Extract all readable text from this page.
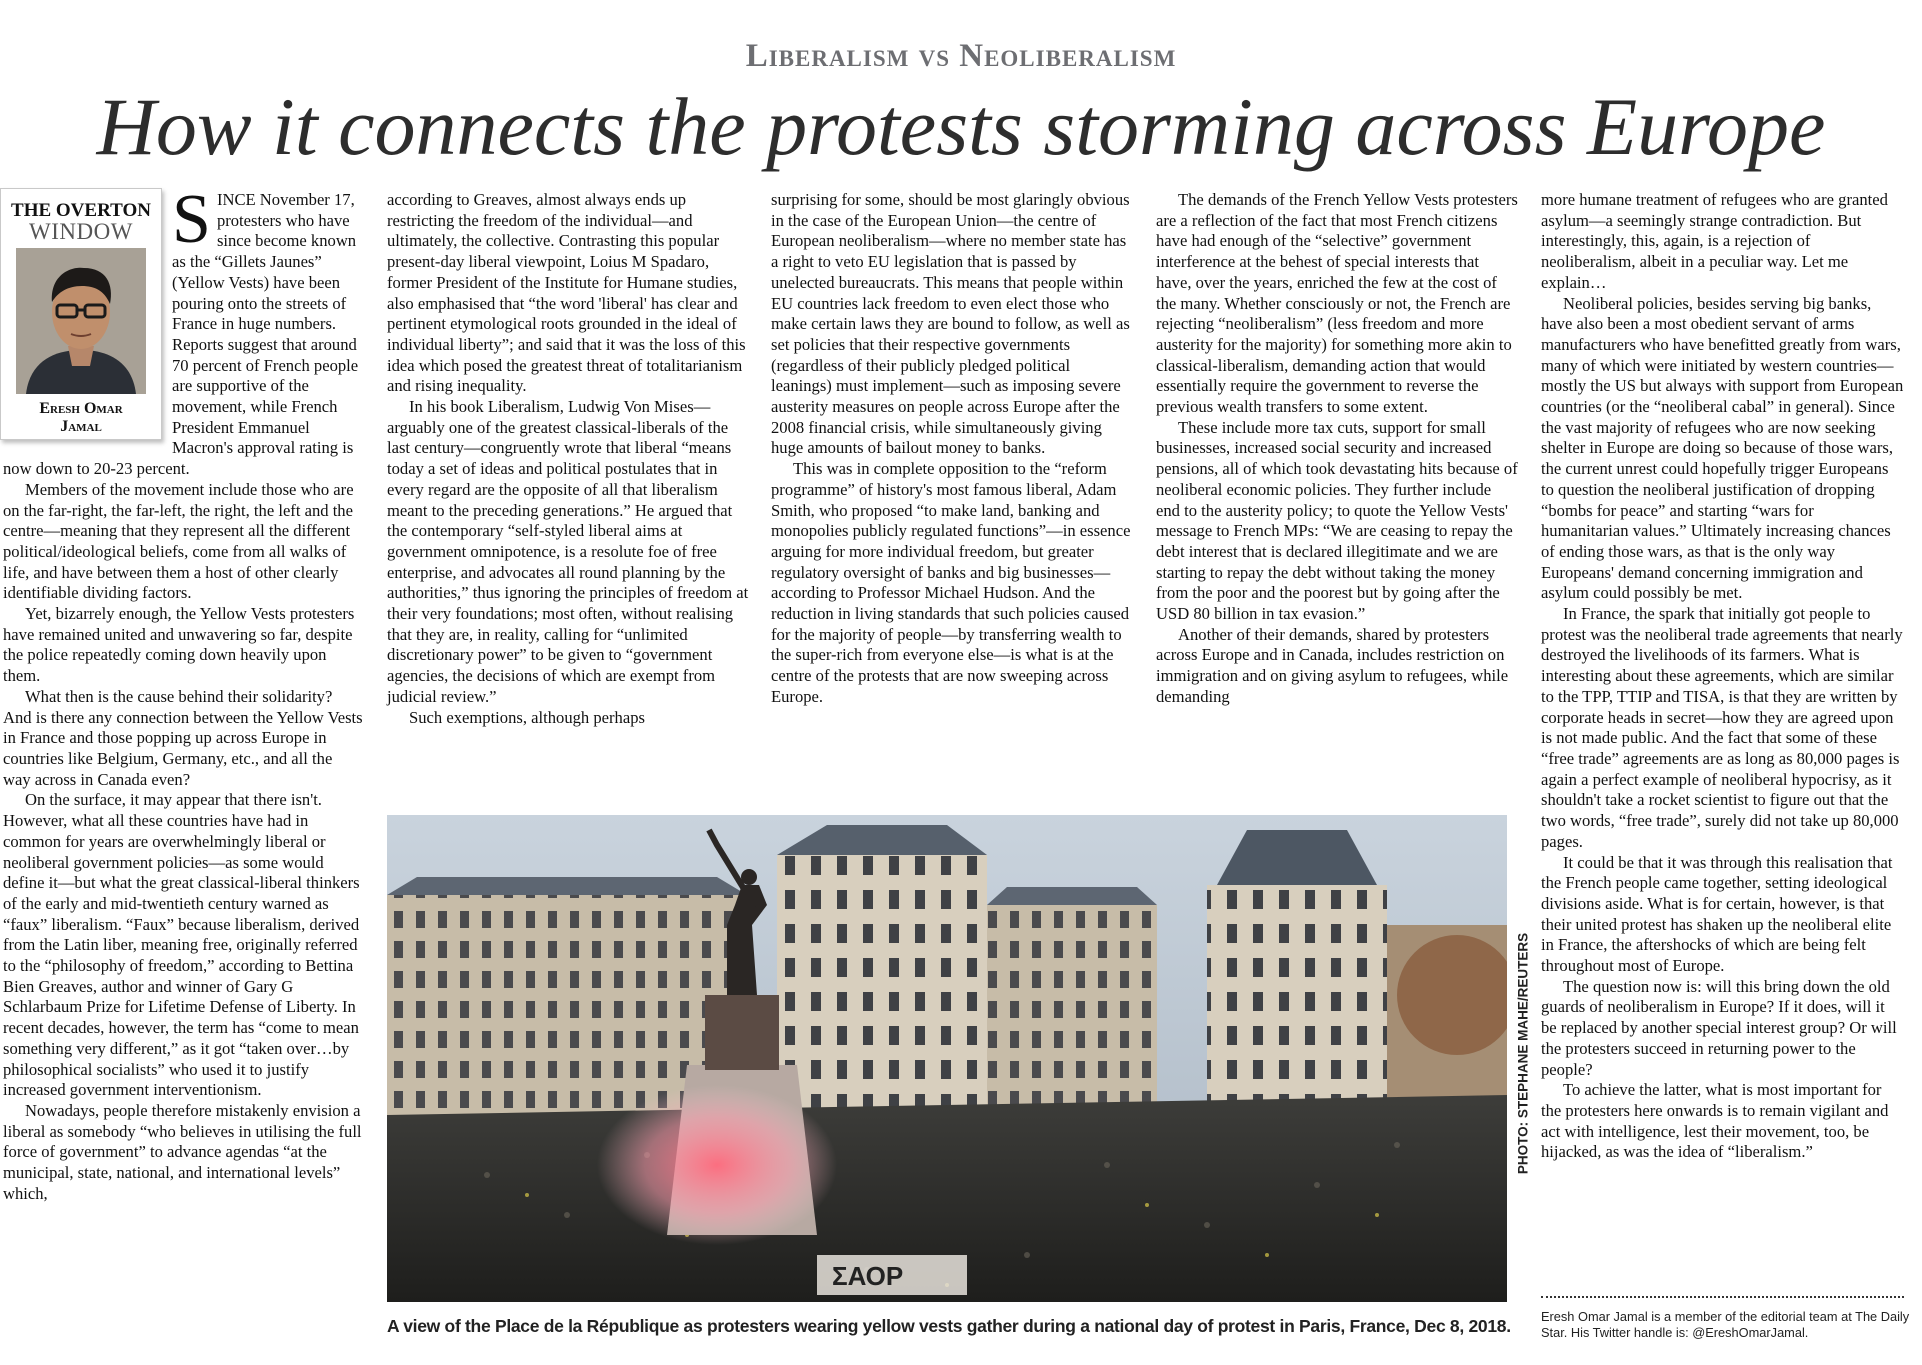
Liberalism vs Neoliberalism
How it connects the protests storming across Europe
THE OVERTON
WINDOW
Eresh Omar
Jamal

SINCE November 17, protesters who have since become known as the “Gillets Jaunes” (Yellow Vests) have been pouring onto the streets of France in huge numbers. Reports suggest that around 70 percent of French people are supportive of the movement, while French President Emmanuel Macron's approval rating is now down to 20-23 percent.

Members of the movement include those who are on the far-right, the far-left, the right, the left and the centre—meaning that they represent all the different political/ideological beliefs, come from all walks of life, and have between them a host of other clearly identifiable dividing factors.

Yet, bizarrely enough, the Yellow Vests protesters have remained united and unwavering so far, despite the police repeatedly coming down heavily upon them.

What then is the cause behind their solidarity? And is there any connection between the Yellow Vests in France and those popping up across Europe in countries like Belgium, Germany, etc., and all the way across in Canada even?

On the surface, it may appear that there isn't. However, what all these countries have had in common for years are overwhelmingly liberal or neoliberal government policies—as some would define it—but what the great classical-liberal thinkers of the early and mid-twentieth century warned as “faux” liberalism. “Faux” because liberalism, derived from the Latin liber, meaning free, originally referred to the “philosophy of freedom,” according to Bettina Bien Greaves, author and winner of Gary G Schlarbaum Prize for Lifetime Defense of Liberty. In recent decades, however, the term has “come to mean something very different,” as it got “taken over…by philosophical socialists” who used it to justify increased government interventionism.

Nowadays, people therefore mistakenly envision a liberal as somebody “who believes in utilising the full force of government” to advance agendas “at the municipal, state, national, and international levels” which,

according to Greaves, almost always ends up restricting the freedom of the individual—and ultimately, the collective. Contrasting this popular present-day liberal viewpoint, Loius M Spadaro, former President of the Institute for Humane studies, also emphasised that “the word 'liberal' has clear and pertinent etymological roots grounded in the ideal of individual liberty”; and said that it was the loss of this idea which posed the greatest threat of totalitarianism and rising inequality.

In his book Liberalism, Ludwig Von Mises—arguably one of the greatest classical-liberals of the last century—congruently wrote that liberal “means today a set of ideas and political postulates that in every regard are the opposite of all that liberalism meant to the preceding generations.” He argued that the contemporary “self-styled liberal aims at government omnipotence, is a resolute foe of free enterprise, and advocates all round planning by the authorities,” thus ignoring the principles of freedom at their very foundations; most often, without realising that they are, in reality, calling for “unlimited discretionary power” to be given to “government agencies, the decisions of which are exempt from judicial review.”

Such exemptions, although perhaps

surprising for some, should be most glaringly obvious in the case of the European Union—the centre of European neoliberalism—where no member state has a right to veto EU legislation that is passed by unelected bureaucrats. This means that people within EU countries lack freedom to even elect those who make certain laws they are bound to follow, as well as set policies that their respective governments (regardless of their publicly pledged political leanings) must implement—such as imposing severe austerity measures on people across Europe after the 2008 financial crisis, while simultaneously giving huge amounts of bailout money to banks.

This was in complete opposition to the “reform programme” of history's most famous liberal, Adam Smith, who proposed “to make land, banking and monopolies publicly regulated functions”—in essence arguing for more individual freedom, but greater regulatory oversight of banks and big businesses—according to Professor Michael Hudson. And the reduction in living standards that such policies caused for the majority of people—by transferring wealth to the super-rich from everyone else—is what is at the centre of the protests that are now sweeping across Europe.

The demands of the French Yellow Vests protesters are a reflection of the fact that most French citizens have had enough of the “selective” government interference at the behest of special interests that have, over the years, enriched the few at the cost of the many. Whether consciously or not, the French are rejecting “neoliberalism” (less freedom and more austerity for the majority) for something more akin to classical-liberalism, demanding action that would essentially require the government to reverse the previous wealth transfers to some extent.

These include more tax cuts, support for small businesses, increased social security and increased pensions, all of which took devastating hits because of neoliberal economic policies. They further include end to the austerity policy; to quote the Yellow Vests' message to French MPs: “We are ceasing to repay the debt interest that is declared illegitimate and we are starting to repay the debt without taking the money from the poor and the poorest but by going after the USD 80 billion in tax evasion.”

Another of their demands, shared by protesters across Europe and in Canada, includes restriction on immigration and on giving asylum to refugees, while demanding

more humane treatment of refugees who are granted asylum—a seemingly strange contradiction. But interestingly, this, again, is a rejection of neoliberalism, albeit in a peculiar way. Let me explain…

Neoliberal policies, besides serving big banks, have also been a most obedient servant of arms manufacturers who have benefitted greatly from wars, many of which were initiated by western countries—mostly the US but always with support from European countries (or the “neoliberal cabal” in general). Since the vast majority of refugees who are now seeking shelter in Europe are doing so because of those wars, the current unrest could hopefully trigger Europeans to question the neoliberal justification of dropping “bombs for peace” and starting “wars for humanitarian values.” Ultimately increasing chances of ending those wars, as that is the only way Europeans' demand concerning immigration and asylum could possibly be met.

In France, the spark that initially got people to protest was the neoliberal trade agreements that nearly destroyed the livelihoods of its farmers. What is interesting about these agreements, which are similar to the TPP, TTIP and TISA, is that they are written by corporate heads in secret—how they are agreed upon is not made public. And the fact that some of these “free trade” agreements are as long as 80,000 pages is again a perfect example of neoliberal hypocrisy, as it shouldn't take a rocket scientist to figure out that the two words, “free trade”, surely did not take up 80,000 pages.

It could be that it was through this realisation that the French people came together, setting ideological divisions aside. What is for certain, however, is that their united protest has shaken up the neoliberal elite in France, the aftershocks of which are being felt throughout most of Europe.

The question now is: will this bring down the old guards of neoliberalism in Europe? If it does, will it be replaced by another special interest group? Or will the protesters succeed in returning power to the people?

To achieve the latter, what is most important for the protesters here onwards is to remain vigilant and act with intelligence, lest their movement, too, be hijacked, as was the idea of “liberalism.”

ΣΑΟΡ
PHOTO: STEPHANE MAHE/REUTERS
A view of the Place de la République as protesters wearing yellow vests gather during a national day of protest in Paris, France, Dec 8, 2018.	Eresh Omar Jamal is a member of the editorial team at The Daily Star. His Twitter handle is: @EreshOmarJamal.
